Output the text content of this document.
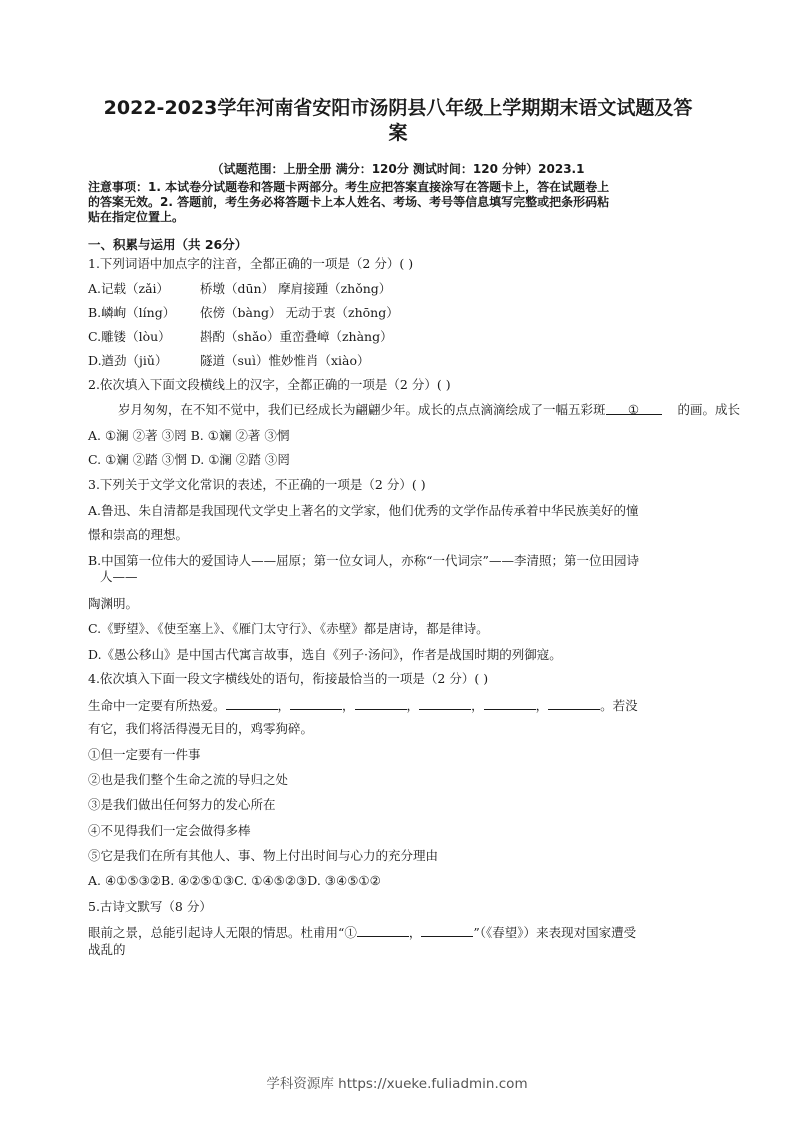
2022-2023学年河南省安阳市汤阴县八年级上学期期末语文试题及答
案
（试题范围：上册全册 满分：120分 测试时间：120 分钟）2023.1
注意事项：1. 本试卷分试题卷和答题卡两部分。考生应把答案直接涂写在答题卡上，答在试题卷上
的答案无效。2. 答题前，考生务必将答题卡上本人姓名、考场、考号等信息填写完整或把条形码粘
贴在指定位置上。
一、积累与运用（共 26分）
1.下列词语中加点字的注音，全都正确的一项是（2 分）( )
A.记载（zǎi） 桥墩（dūn） 摩肩接踵（zhǒng）
B.嶙峋（líng） 依傍（bàng） 无动于衷（zhōng）
C.雕镂（lòu） 斟酌（shǎo）重峦叠嶂（zhàng）
D.遒劲（jiǔ）	隧道（suì）惟妙惟肖（xiào）
2.依次填入下面文段横线上的汉字，全都正确的一项是（2 分）( )
岁月匆匆，在不知不觉中，我们已经成长为翩翩少年。成长的点点滴滴绘成了一幅五彩斑 ①	的画。成长
A. ①澜 ②著 ③罔 B. ①斓 ②著 ③惘
C. ①斓 ②踏 ③惘 D. ①澜 ②踏 ③罔
3.下列关于文学文化常识的表述，不正确的一项是（2 分）( )
A.鲁迅、朱自清都是我国现代文学史上著名的文学家，他们优秀的文学作品传承着中华民族美好的憧
憬和崇高的理想。
B.中国第一位伟大的爱国诗人——屈原；第一位女词人，亦称“一代词宗”——李清照；第一位田园诗
人——
陶渊明。
C.《野望》、《使至塞上》、《雁门太守行》、《赤壁》都是唐诗，都是律诗。
D.《愚公移山》是中国古代寓言故事，选自《列子·汤问》，作者是战国时期的列御寇。
4.依次填入下面一段文字横线处的语句，衔接最恰当的一项是（2 分）( )
生命中一定要有所热爱。	，	，	，	，	，	。若没
有它，我们将活得漫无目的，鸡零狗碎。
①但一定要有一件事
②也是我们整个生命之流的导归之处
③是我们做出任何努力的发心所在
④不见得我们一定会做得多棒
⑤它是我们在所有其他人、事、物上付出时间与心力的充分理由
A. ④①⑤③②B. ④②⑤①③C. ①④⑤②③D. ③④⑤①②
5.古诗文默写（8 分）
眼前之景，总能引起诗人无限的情思。杜甫用“①	，	”（《春望》）来表现对国家遭受
战乱的
学科资源库 https://xueke.fuliadmin.com
